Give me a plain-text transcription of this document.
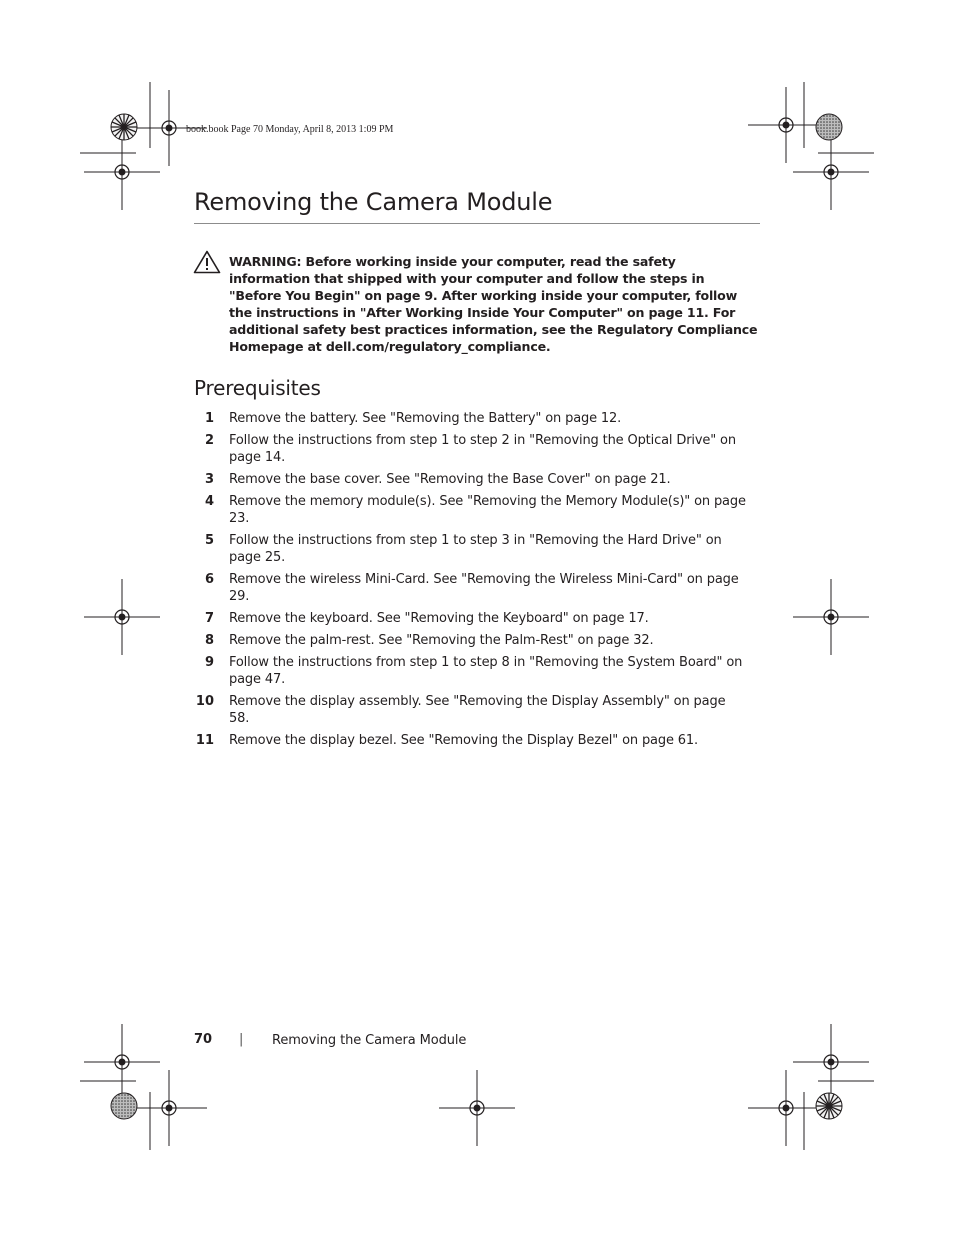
book.book Page 70 Monday, April 8, 2013 1:09 PM
Removing the Camera Module
WARNING: Before working inside your computer, read the safety information that shipped with your computer and follow the steps in "Before You Begin" on page 9. After working inside your computer, follow the instructions in "After Working Inside Your Computer" on page 11. For additional safety best practices information, see the Regulatory Compliance Homepage at dell.com/regulatory_compliance.
Prerequisites
1 Remove the battery. See "Removing the Battery" on page 12.
2 Follow the instructions from step 1 to step 2 in "Removing the Optical Drive" on page 14.
3 Remove the base cover. See "Removing the Base Cover" on page 21.
4 Remove the memory module(s). See "Removing the Memory Module(s)" on page 23.
5 Follow the instructions from step 1 to step 3 in "Removing the Hard Drive" on page 25.
6 Remove the wireless Mini-Card. See "Removing the Wireless Mini-Card" on page 29.
7 Remove the keyboard. See "Removing the Keyboard" on page 17.
8 Remove the palm-rest. See "Removing the Palm-Rest" on page 32.
9 Follow the instructions from step 1 to step 8 in "Removing the System Board" on page 47.
10 Remove the display assembly. See "Removing the Display Assembly" on page 58.
11 Remove the display bezel. See "Removing the Display Bezel" on page 61.
70 | Removing the Camera Module
